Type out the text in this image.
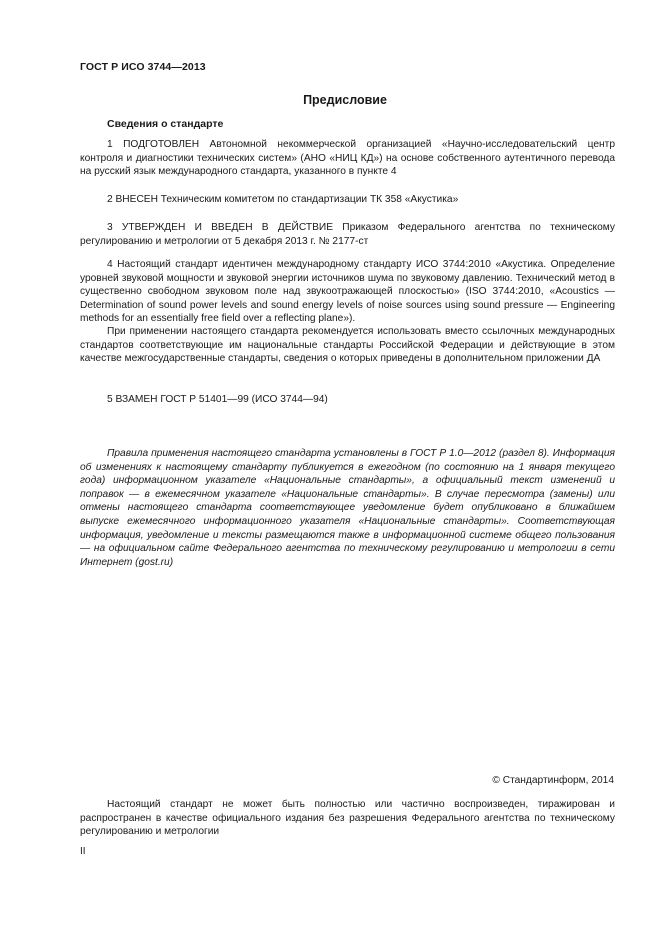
ГОСТ Р ИСО 3744—2013
Предисловие
Сведения о стандарте

1 ПОДГОТОВЛЕН Автономной некоммерческой организацией «Научно-исследовательский центр контроля и диагностики технических систем» (АНО «НИЦ КД») на основе собственного аутентичного перевода на русский язык международного стандарта, указанного в пункте 4

2 ВНЕСЕН Техническим комитетом по стандартизации ТК 358 «Акустика»

3 УТВЕРЖДЕН И ВВЕДЕН В ДЕЙСТВИЕ Приказом Федерального агентства по техническому регулированию и метрологии от 5 декабря 2013 г. № 2177-ст

4 Настоящий стандарт идентичен международному стандарту ИСО 3744:2010 «Акустика. Определение уровней звуковой мощности и звуковой энергии источников шума по звуковому давлению. Технический метод в существенно свободном звуковом поле над звукоотражающей плоскостью» (ISO 3744:2010, «Acoustics — Determination of sound power levels and sound energy levels of noise sources using sound pressure — Engineering methods for an essentially free field over a reflecting plane»).

При применении настоящего стандарта рекомендуется использовать вместо ссылочных международных стандартов соответствующие им национальные стандарты Российской Федерации и действующие в этом качестве межгосударственные стандарты, сведения о которых приведены в дополнительном приложении ДА

5 ВЗАМЕН ГОСТ Р 51401—99 (ИСО 3744—94)

Правила применения настоящего стандарта установлены в ГОСТ Р 1.0—2012 (раздел 8). Информация об изменениях к настоящему стандарту публикуется в ежегодном (по состоянию на 1 января текущего года) информационном указателе «Национальные стандарты», а официальный текст изменений и поправок — в ежемесячном указателе «Национальные стандарты». В случае пересмотра (замены) или отмены настоящего стандарта соответствующее уведомление будет опубликовано в ближайшем выпуске ежемесячного информационного указателя «Национальные стандарты». Соответствующая информация, уведомление и тексты размещаются также в информационной системе общего пользования — на официальном сайте Федерального агентства по техническому регулированию и метрологии в сети Интернет (gost.ru)

© Стандартинформ, 2014

Настоящий стандарт не может быть полностью или частично воспроизведен, тиражирован и распространен в качестве официального издания без разрешения Федерального агентства по техническому регулированию и метрологии

II
